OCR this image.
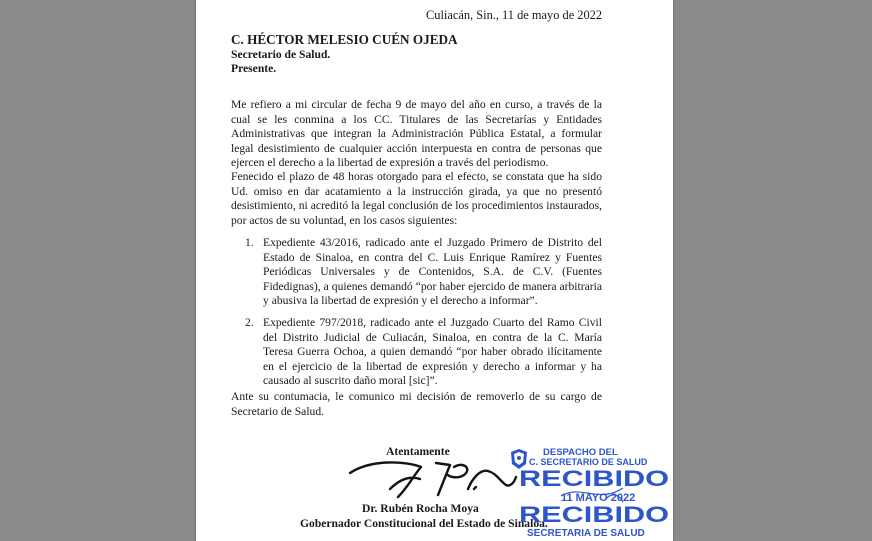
Culiacán, Sin., 11 de mayo de 2022

C. HÉCTOR MELESIO CUÉN OJEDA
Secretario de Salud.
Presente.

Me refiero a mi circular de fecha 9 de mayo del año en curso, a través de la cual se les conmina a los CC. Titulares de las Secretarías y Entidades Administrativas que integran la Administración Pública Estatal, a formular legal desistimiento de cualquier acción interpuesta en contra de personas que ejercen el derecho a la libertad de expresión a través del periodismo.

Fenecido el plazo de 48 horas otorgado para el efecto, se constata que ha sido Ud. omiso en dar acatamiento a la instrucción girada, ya que no presentó desistimiento, ni acreditó la legal conclusión de los procedimientos instaurados, por actos de su voluntad, en los casos siguientes:

1. Expediente 43/2016, radicado ante el Juzgado Primero de Distrito del Estado de Sinaloa, en contra del C. Luis Enrique Ramírez y Fuentes Periódicas Universales y de Contenidos, S.A. de C.V. (Fuentes Fidedignas), a quienes demandó “por haber ejercido de manera arbitraria y abusiva la libertad de expresión y el derecho a informar”.
2. Expediente 797/2018, radicado ante el Juzgado Cuarto del Ramo Civil del Distrito Judicial de Culiacán, Sinaloa, en contra de la C. María Teresa Guerra Ochoa, a quien demandó “por haber obrado ilícitamente en el ejercicio de la libertad de expresión y derecho a informar y ha causado al suscrito daño moral [sic]”.

Ante su contumacia, le comunico mi decisión de removerlo de su cargo de Secretario de Salud.

Atentamente

Dr. Rubén Rocha Moya

Gobernador Constitucional del Estado de Sinaloa.

DESPACHO DEL
C. SECRETARIO DE SALUD
RECIBIDO
11 MAYO 2022
RECIBIDO
SECRETARIA DE SALUD
